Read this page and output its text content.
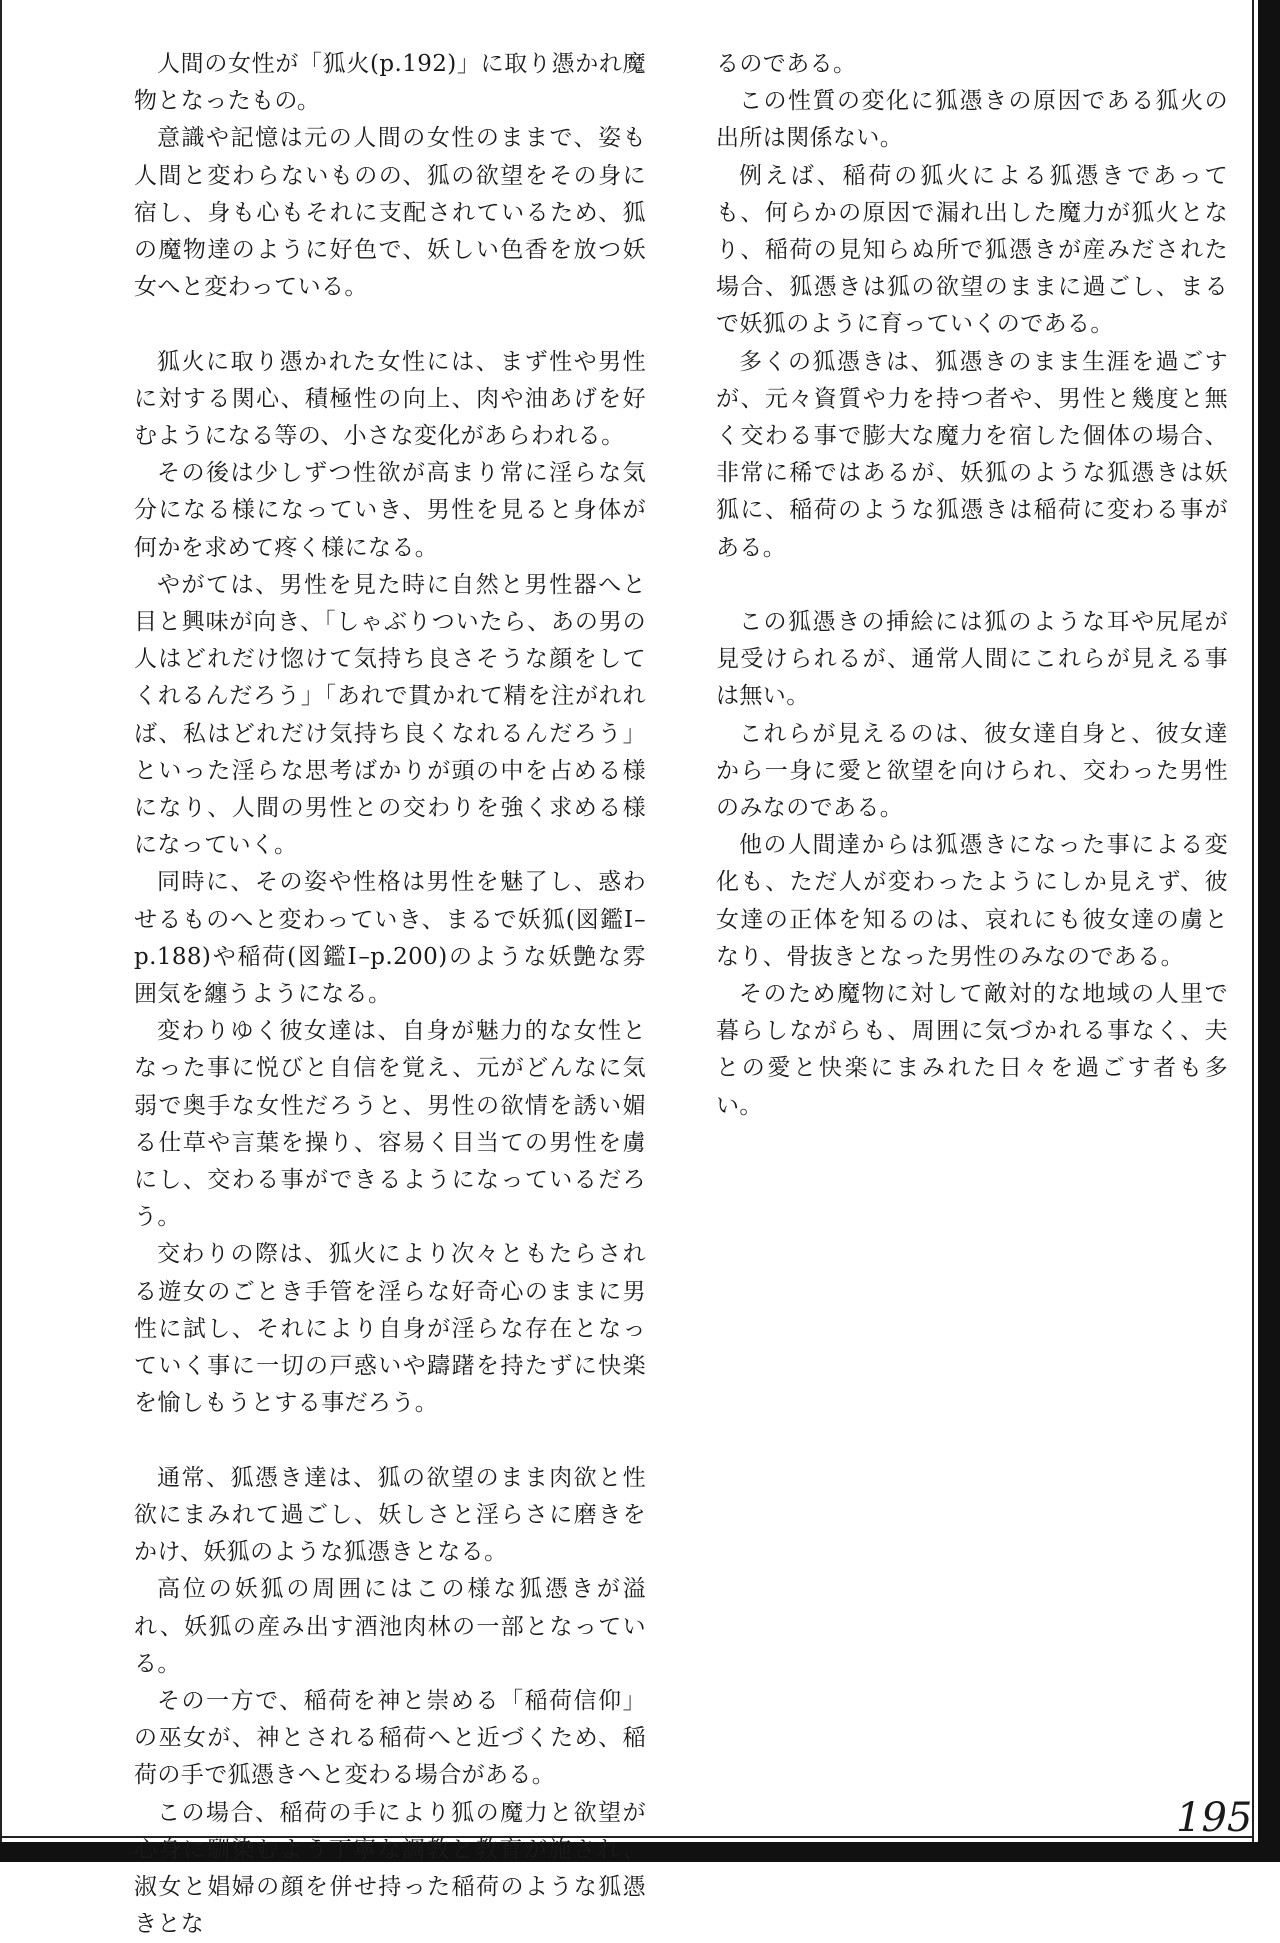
人間の女性が「狐火(p.192)」に取り憑かれ魔物となったもの。

意識や記憶は元の人間の女性のままで、姿も人間と変わらないものの、狐の欲望をその身に宿し、身も心もそれに支配されているため、狐の魔物達のように好色で、妖しい色香を放つ妖女へと変わっている。

狐火に取り憑かれた女性には、まず性や男性に対する関心、積極性の向上、肉や油あげを好むようになる等の、小さな変化があらわれる。

その後は少しずつ性欲が高まり常に淫らな気分になる様になっていき、男性を見ると身体が何かを求めて疼く様になる。

やがては、男性を見た時に自然と男性器へと目と興味が向き、「しゃぶりついたら、あの男の人はどれだけ惚けて気持ち良さそうな顔をしてくれるんだろう」「あれで貫かれて精を注がれれば、私はどれだけ気持ち良くなれるんだろう」といった淫らな思考ばかりが頭の中を占める様になり、人間の男性との交わりを強く求める様になっていく。

同時に、その姿や性格は男性を魅了し、惑わせるものへと変わっていき、まるで妖狐(図鑑Ⅰ–p.188)や稲荷(図鑑Ⅰ–p.200)のような妖艶な雰囲気を纏うようになる。

変わりゆく彼女達は、自身が魅力的な女性となった事に悦びと自信を覚え、元がどんなに気弱で奥手な女性だろうと、男性の欲情を誘い媚る仕草や言葉を操り、容易く目当ての男性を虜にし、交わる事ができるようになっているだろう。

交わりの際は、狐火により次々ともたらされる遊女のごとき手管を淫らな好奇心のままに男性に試し、それにより自身が淫らな存在となっていく事に一切の戸惑いや躊躇を持たずに快楽を愉しもうとする事だろう。

通常、狐憑き達は、狐の欲望のまま肉欲と性欲にまみれて過ごし、妖しさと淫らさに磨きをかけ、妖狐のような狐憑きとなる。

高位の妖狐の周囲にはこの様な狐憑きが溢れ、妖狐の産み出す酒池肉林の一部となっている。

その一方で、稲荷を神と崇める「稲荷信仰」の巫女が、神とされる稲荷へと近づくため、稲荷の手で狐憑きへと変わる場合がある。

この場合、稲荷の手により狐の魔力と欲望が心身に馴染むよう丁寧な調教と教育が施され、淑女と娼婦の顔を併せ持った稲荷のような狐憑きとな

るのである。

この性質の変化に狐憑きの原因である狐火の出所は関係ない。

例えば、稲荷の狐火による狐憑きであっても、何らかの原因で漏れ出した魔力が狐火となり、稲荷の見知らぬ所で狐憑きが産みだされた場合、狐憑きは狐の欲望のままに過ごし、まるで妖狐のように育っていくのである。

多くの狐憑きは、狐憑きのまま生涯を過ごすが、元々資質や力を持つ者や、男性と幾度と無く交わる事で膨大な魔力を宿した個体の場合、非常に稀ではあるが、妖狐のような狐憑きは妖狐に、稲荷のような狐憑きは稲荷に変わる事がある。

この狐憑きの挿絵には狐のような耳や尻尾が見受けられるが、通常人間にこれらが見える事は無い。

これらが見えるのは、彼女達自身と、彼女達から一身に愛と欲望を向けられ、交わった男性のみなのである。

他の人間達からは狐憑きになった事による変化も、ただ人が変わったようにしか見えず、彼女達の正体を知るのは、哀れにも彼女達の虜となり、骨抜きとなった男性のみなのである。

そのため魔物に対して敵対的な地域の人里で暮らしながらも、周囲に気づかれる事なく、夫との愛と快楽にまみれた日々を過ごす者も多い。

195
